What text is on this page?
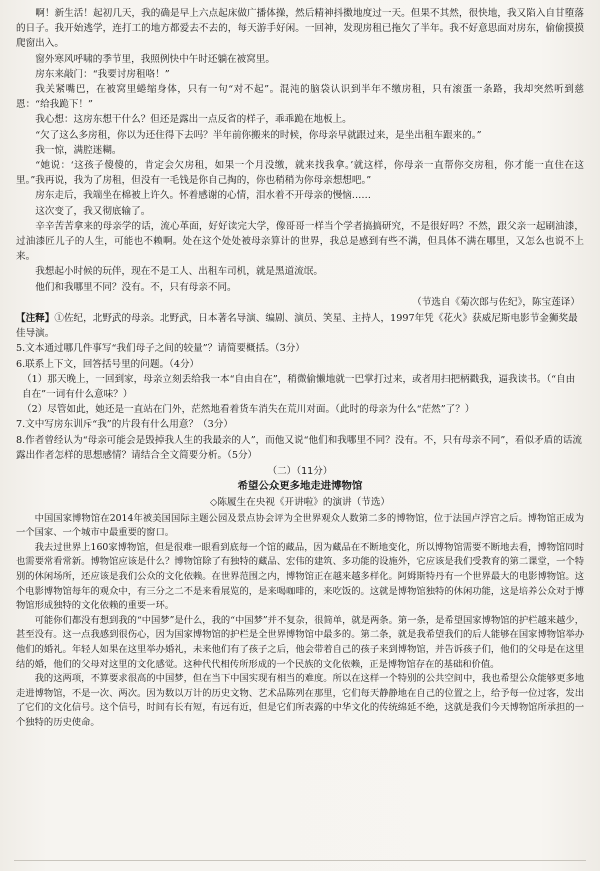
啊！新生活！起初几天，我的确是早上六点起床做广播体操，然后精神抖擞地度过一天。但果不其然，很快地，我又陷入自甘堕落的日子。我开始逃学，连打工的地方都爱去不去的，每天游手好闲。一回神，发现房租已拖欠了半年。我不好意思面对房东，偷偷摸摸爬窗出入。

窗外寒风呼啸的季节里，我照例快中午时还躺在被窝里。

房东来敲门：“我要讨房租咯！”

我关紧嘴巴，在被窝里蜷缩身体，只有一句“对不起”。混沌的脑袋认识到半年不缴房租，只有滚蛋一条路，我却突然听到慈恩：“给我跪下！”

我心想：这房东想干什么？但还是露出一点反省的样子，乖乖跪在地板上。

“欠了这么多房租，你以为还住得下去吗？半年前你搬来的时候，你母亲早就跟过来，是坐出租车跟来的。”

我一惊，满腔迷糊。

“她说：‘这孩子傻傻的，肯定会欠房租，如果一个月没缴，就来找我拿。’就这样，你母亲一直帮你交房租，你才能一直住在这里。”我再说，我为了房租，但没有一毛钱是你自己掏的，你也稍稍为你母亲想想吧。”

房东走后，我端坐在棉被上许久。怀着感谢的心情，泪水着不开母亲的慢恼……

这次变了，我又彻底输了。

辛辛苦苦拿来的母亲学的话，流心革面，好好读完大学，像哥哥一样当个学者搞搞研究，不是很好吗？不然，跟父亲一起刷油漆，过油漆匠儿子的人生，可能也不赖啊。处在这个处处被母亲算计的世界，我总是感到有些不满，但具体不满在哪里，又怎么也说不上来。

我想起小时候的玩伴，现在不是工人、出租车司机，就是黑道流氓。

他们和我哪里不同？没有。不，只有母亲不同。

（节选自《菊次郎与佐纪》，陈宝莲译）

【注释】①佐纪，北野武的母亲。北野武，日本著名导演、编剧、演员、笑星、主持人，1997年凭《花火》获威尼斯电影节金狮奖最佳导演。

5.文本通过哪几件事写“我们母子之间的较量”？请简要概括。（3分）

6.联系上下文，回答括号里的问题。（4分）

（1）那天晚上，一回到家，母亲立刻丢给我一本“自由自在”，稍微偷懒地就一巴掌打过来，或者用扫把柄戳我，逼我读书。（“自由自在”一词有什么意味？）

（2）尽管如此，她还是一直站在门外，茫然地看着货车消失在荒川对面。（此时的母亲为什么“茫然”了？）

7.文中写房东训斥“我”的片段有什么用意？（3分）

8.作者曾经认为“母亲可能会是毁掉我人生的我最亲的人”，而他又说“他们和我哪里不同？没有。不，只有母亲不同”，看似矛盾的话流露出作者怎样的思想感情？请结合全文简要分析。（5分）

（二）（11分）

希望公众更多地走进博物馆

◇陈履生在央视《开讲啦》的演讲（节选）

中国国家博物馆在2014年被美国国际主题公园及景点协会评为全世界观众人数第二多的博物馆，位于法国卢浮宫之后。博物馆正成为一个国家、一个城市中最重要的窗口。

我去过世界上160家博物馆，但是很难一眼看到底每一个馆的藏品，因为藏品在不断地变化，所以博物馆需要不断地去看，博物馆同时也需要常看常新。博物馆应该是什么？博物馆除了有独特的藏品、宏伟的建筑、多功能的设施外，它应该是我们受教育的第二课堂，一个特别的休闲场所，还应该是我们公众的文化依赖。在世界范围之内，博物馆正在越来越多样化。阿姆斯特丹有一个世界最大的电影博物馆。这个电影博物馆每年的观众中，有三分之二不是来看展览的，是来喝咖啡的，来吃饭的。这就是博物馆独特的休闲功能，这是培养公众对于博物馆形成独特的文化依赖的重要一环。

可能你们都没有想到我的“中国梦”是什么，我的“中国梦”并不复杂，很简单，就是两条。第一条，是希望国家博物馆的护栏越来越少，甚至没有。这一点我感到很伤心，因为国家博物馆的护栏是全世界博物馆中最多的。第二条，就是我希望我们的后人能够在国家博物馆举办他们的婚礼。年轻人如果在这里举办婚礼，未来他们有了孩子之后，他会带着自己的孩子来到博物馆，并告诉孩子们，他们的父母是在这里结的婚，他们的父母对这里的文化感觉。这种代代相传所形成的一个民族的文化依赖，正是博物馆存在的基础和价值。

我的这两项，不算要求很高的中国梦，但在当下中国实现有相当的难度。所以在这样一个特别的公共空间中，我也希望公众能够更多地走进博物馆，不是一次、两次。因为数以万计的历史文物、艺术品陈列在那里，它们每天静静地在自己的位置之上，给予每一位过客，发出了它们的文化信号。这个信号，时间有长有短，有远有近，但是它们所表露的中华文化的传统绵延不绝，这就是我们今天博物馆所承担的一个独特的历史使命。
